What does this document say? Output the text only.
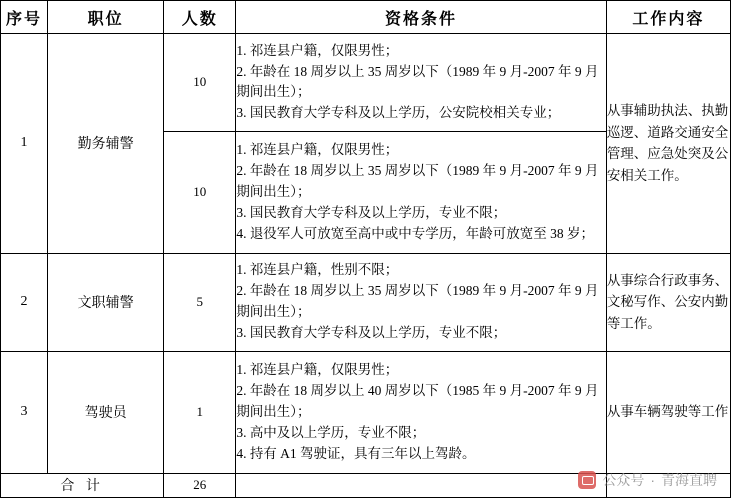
序号	职位	人数	资格条件	工作内容
1	勤务辅警	10	1. 祁连县户籍，仅限男性；
2. 年龄在 18 周岁以上 35 周岁以下（1989 年 9 月-2007 年 9 月期间出生）；
3. 国民教育大学专科及以上学历，公安院校相关专业；	从事辅助执法、执勤巡逻、道路交通安全管理、应急处突及公安相关工作。
		10	1. 祁连县户籍，仅限男性；
2. 年龄在 18 周岁以上 35 周岁以下（1989 年 9 月-2007 年 9 月期间出生）；
3. 国民教育大学专科及以上学历，专业不限；
4. 退役军人可放宽至高中或中专学历，年龄可放宽至 38 岁；	

2	文职辅警	5	1. 祁连县户籍，性别不限；
2. 年龄在 18 周岁以上 35 周岁以下（1989 年 9 月-2007 年 9 月期间出生）；
3. 国民教育大学专科及以上学历，专业不限；	从事综合行政事务、文秘写作、公安内勤等工作。
3	驾驶员	1	1. 祁连县户籍，仅限男性；
2. 年龄在 18 周岁以上 40 周岁以下（1985 年 9 月-2007 年 9 月期间出生）；
3. 高中及以上学历，专业不限；
4. 持有 A1 驾驶证，具有三年以上驾龄。	从事车辆驾驶等工作
合 计		26			公众号 · 青海直聘
